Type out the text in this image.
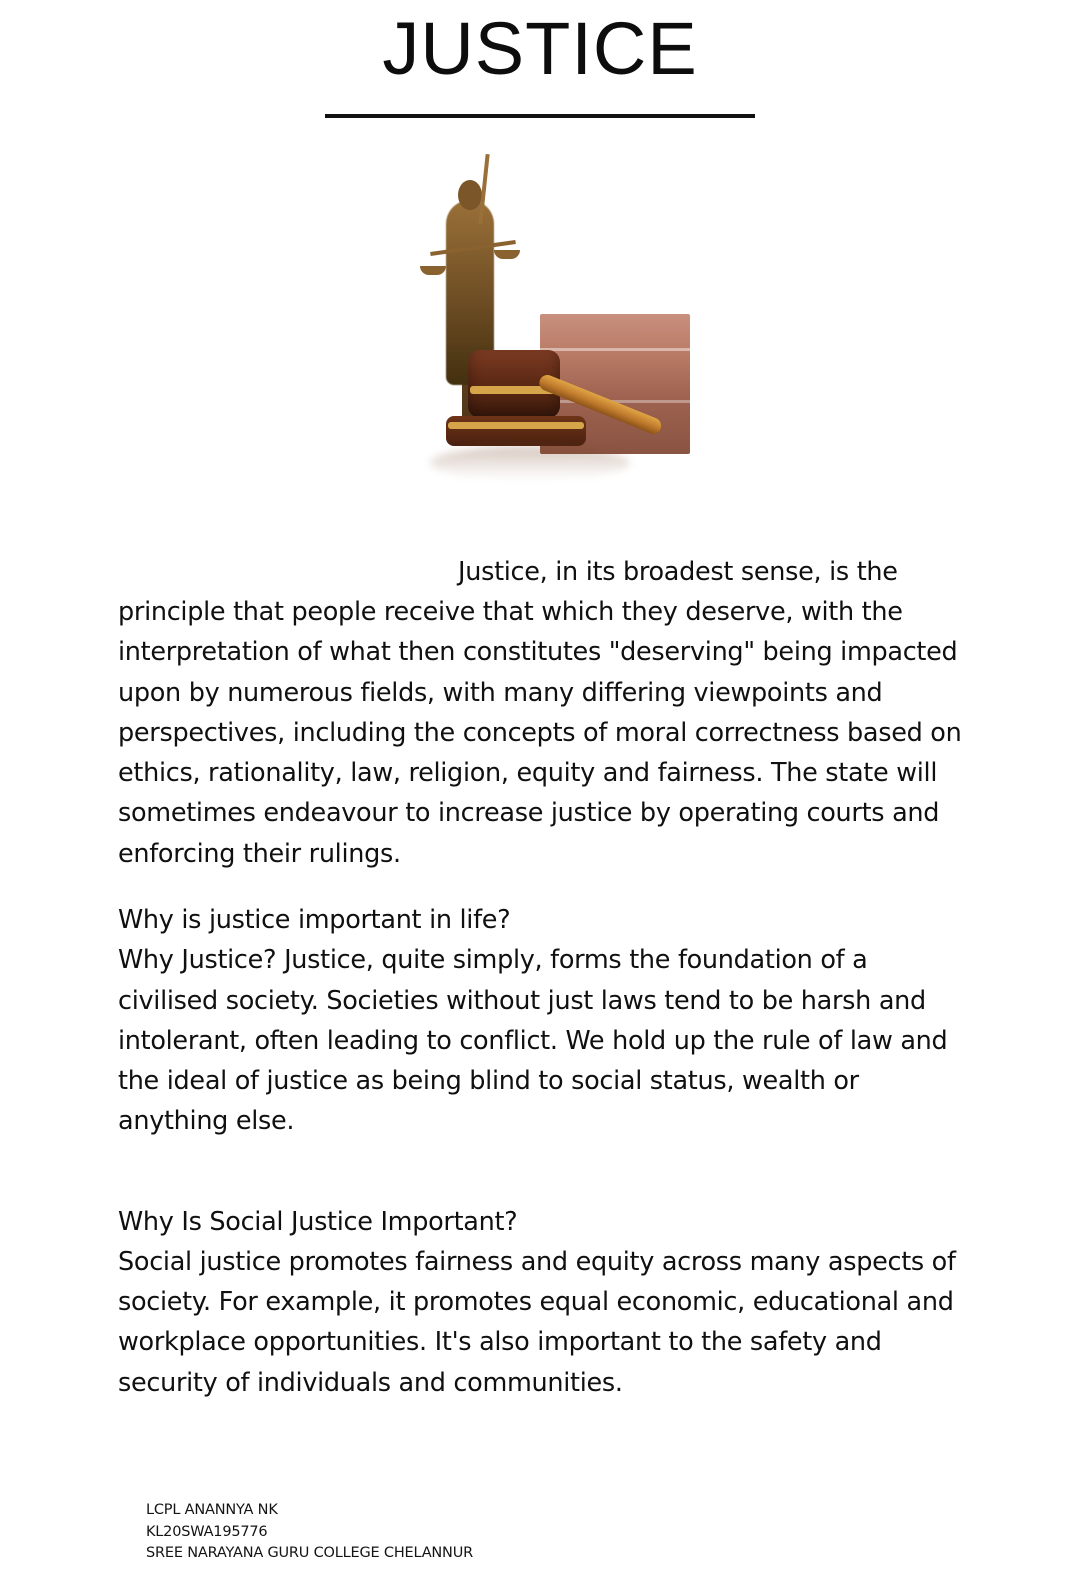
JUSTICE

Justice, in its broadest sense, is the principle that people receive that which they deserve, with the interpretation of what then constitutes "deserving" being impacted upon by numerous fields, with many differing viewpoints and perspectives, including the concepts of moral correctness based on ethics, rationality, law, religion, equity and fairness. The state will sometimes endeavour to increase justice by operating courts and enforcing their rulings.

Why is justice important in life?

Why Justice? Justice, quite simply, forms the foundation of a civilised society. Societies without just laws tend to be harsh and intolerant, often leading to conflict. We hold up the rule of law and the ideal of justice as being blind to social status, wealth or anything else.

Why Is Social Justice Important?

Social justice promotes fairness and equity across many aspects of society. For example, it promotes equal economic, educational and workplace opportunities. It's also important to the safety and security of individuals and communities.

LCPL ANANNYA NK
KL20SWA195776
SREE NARAYANA GURU COLLEGE CHELANNUR
